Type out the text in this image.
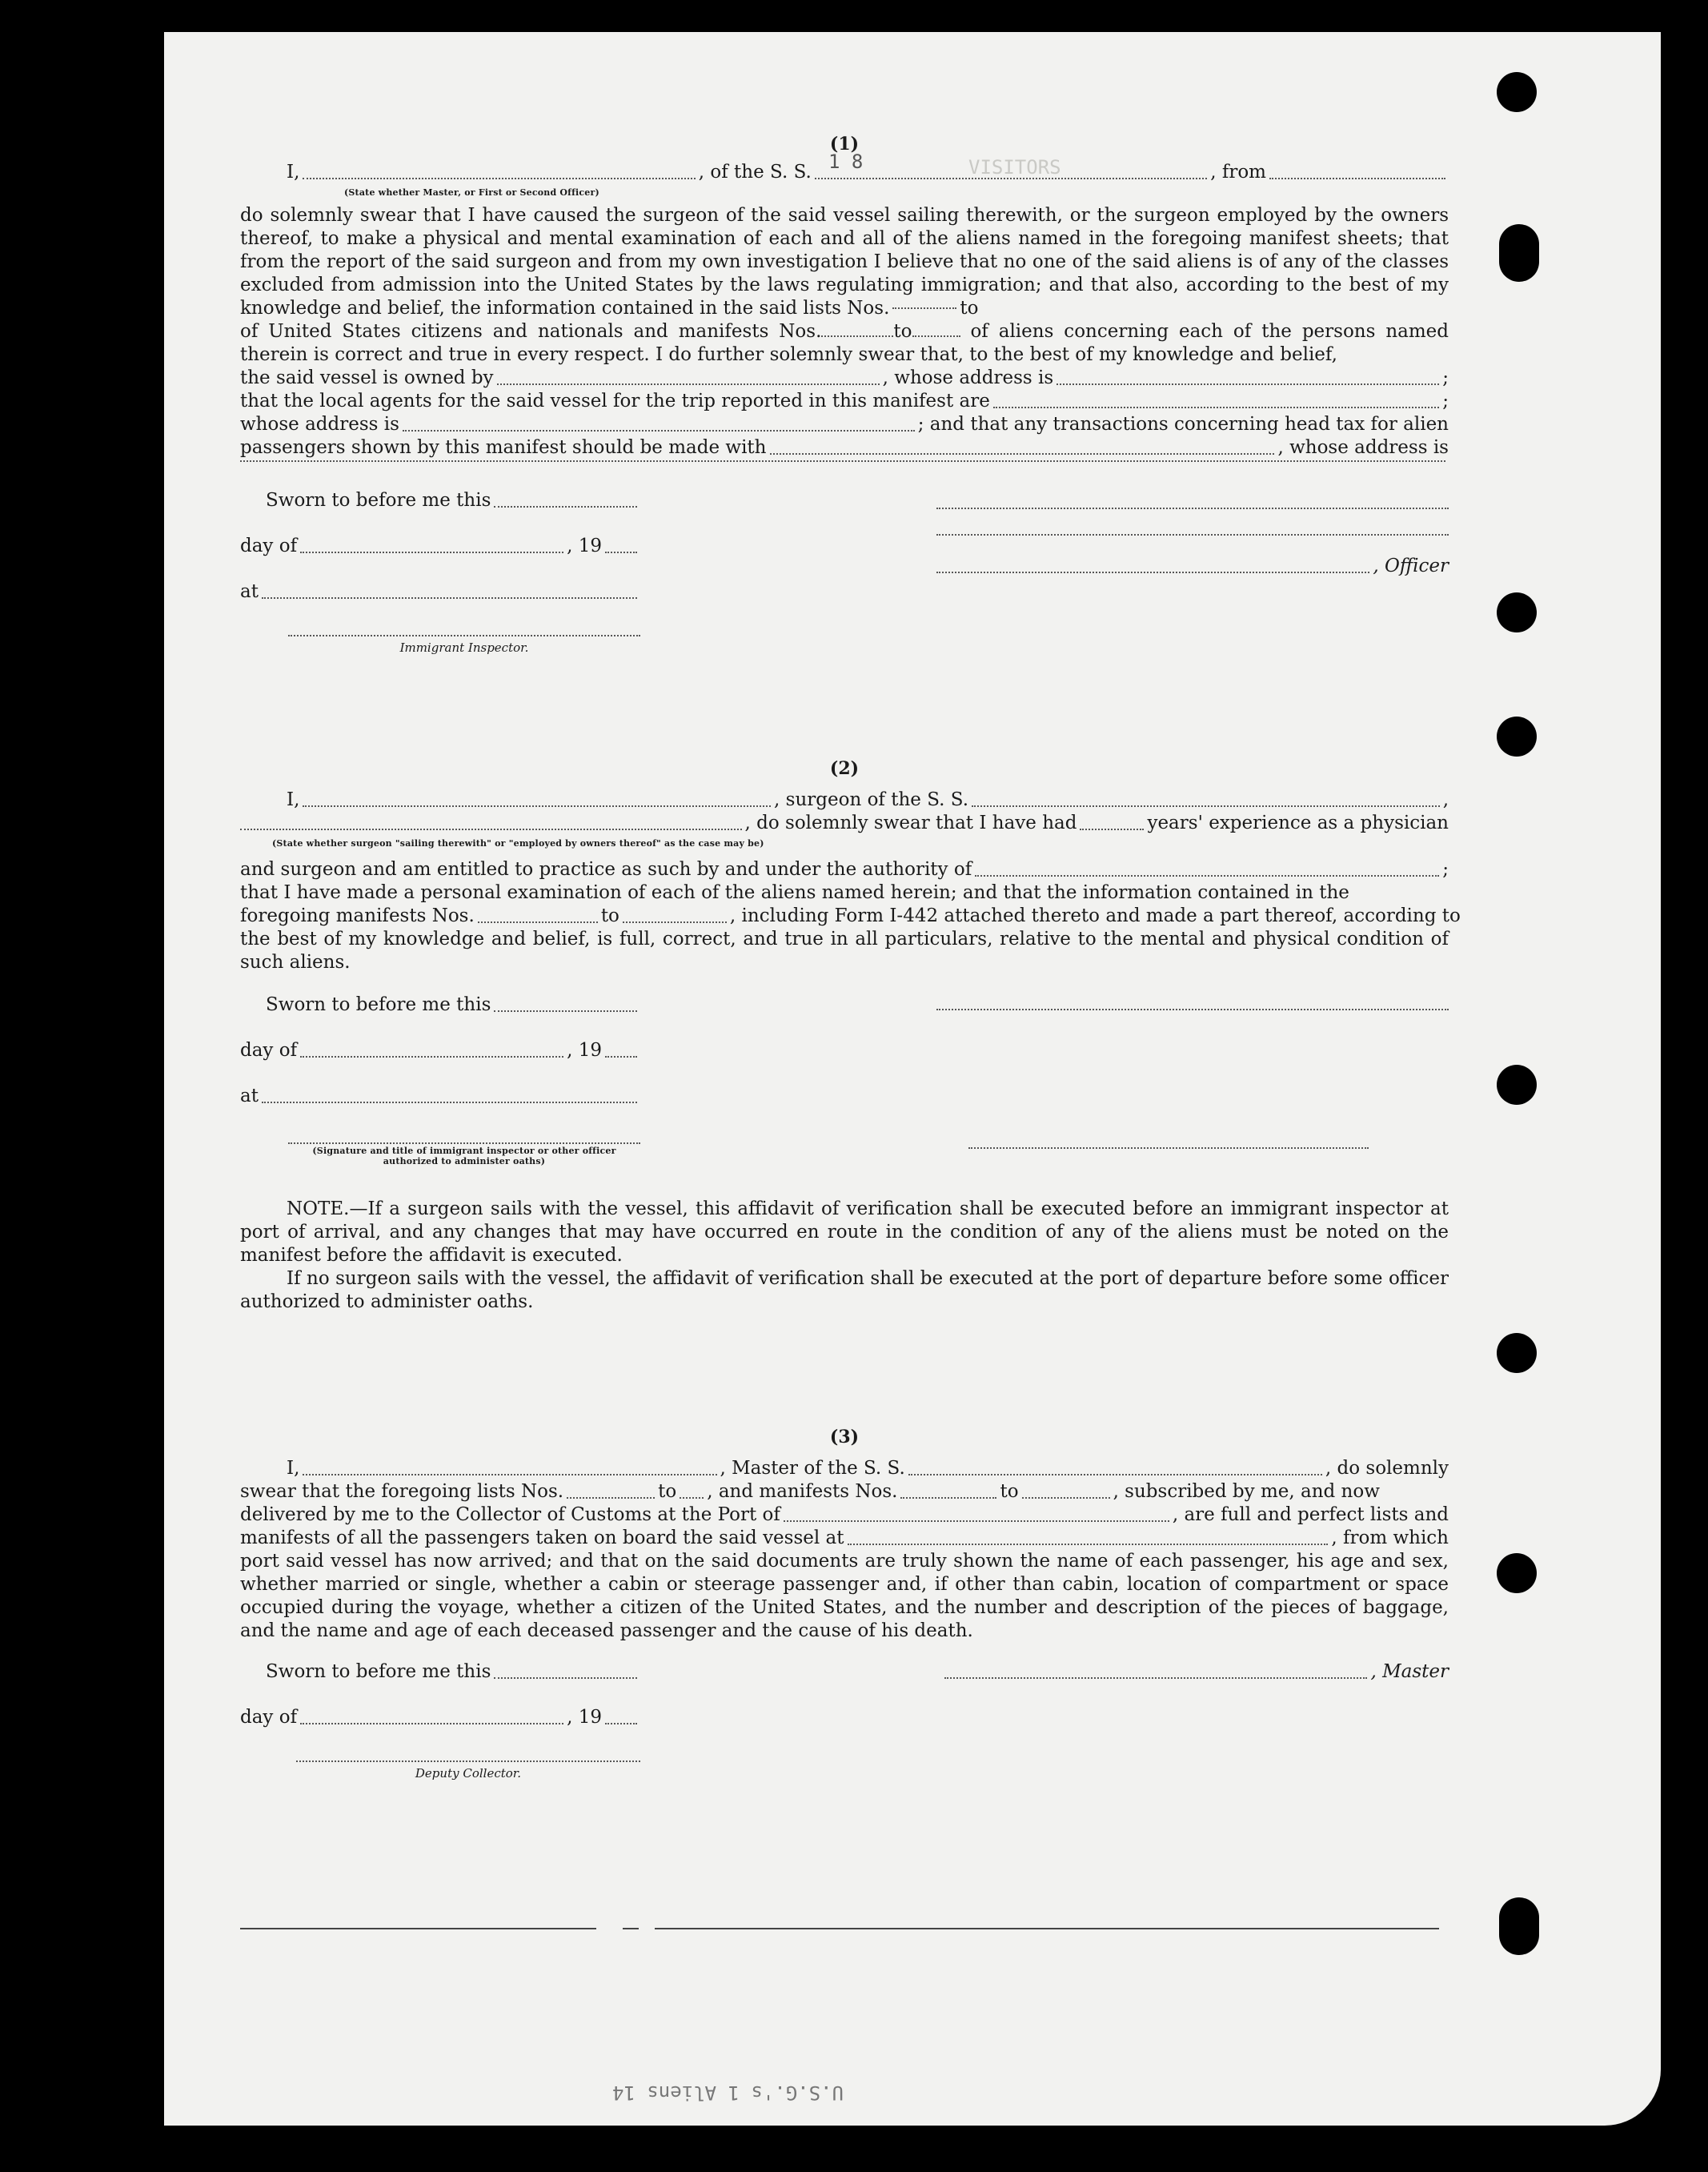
VISITORS
1 8
U.S.G.'s 1 Aliens 14
(1)
I,	, of the S. S.	, from
(State whether Master, or First or Second Officer)

do solemnly swear that I have caused the surgeon of the said vessel sailing therewith, or the surgeon employed by the owners thereof, to make a physical and mental examination of each and all of the aliens named in the foregoing manifest sheets; that from the report of the said surgeon and from my own investigation I believe that no one of the said aliens is of any of the classes excluded from admission into the United States by the laws regulating immigration; and that also, according to the best of my knowledge and belief, the information contained in the said lists Nos.	to

of United States citizens and nationals and manifests Nos.	to	of aliens concerning each of the persons named therein is correct and true in every respect. I do further solemnly swear that, to the best of my knowledge and belief,

the said vessel is owned by	, whose address is	;
that the local agents for the said vessel for the trip reported in this manifest are	;
whose address is	; and that any transactions concerning head tax for alien
passengers shown by this manifest should be made with	, whose address is
Sworn to before me this
day of	, 19
at
Immigrant Inspector.
, Officer
(2)
I,	, surgeon of the S. S.	,
, do solemnly swear that I have had	years' experience as a physician
(State whether surgeon "sailing therewith" or "employed by owners thereof" as the case may be)
and surgeon and am entitled to practice as such by and under the authority of	;

that I have made a personal examination of each of the aliens named herein; and that the information contained in the

foregoing manifests Nos.	to	, including Form I-442 attached thereto and made a part thereof, according to

the best of my knowledge and belief, is full, correct, and true in all particulars, relative to the mental and physical condition of such aliens.

Sworn to before me this
day of	, 19
at
(Signature and title of immigrant inspector or other officer authorized to administer oaths)

NOTE.—If a surgeon sails with the vessel, this affidavit of verification shall be executed before an immigrant inspector at port of arrival, and any changes that may have occurred en route in the condition of any of the aliens must be noted on the manifest before the affidavit is executed.

If no surgeon sails with the vessel, the affidavit of verification shall be executed at the port of departure before some officer authorized to administer oaths.

(3)
I,	, Master of the S. S.	, do solemnly
swear that the foregoing lists Nos.	to , and manifests Nos.	to	, subscribed by me, and now
delivered by me to the Collector of Customs at the Port of	, are full and perfect lists and
manifests of all the passengers taken on board the said vessel at	, from which

port said vessel has now arrived; and that on the said documents are truly shown the name of each passenger, his age and sex, whether married or single, whether a cabin or steerage passenger and, if other than cabin, location of compartment or space occupied during the voyage, whether a citizen of the United States, and the number and description of the pieces of baggage, and the name and age of each deceased passenger and the cause of his death.

Sworn to before me this
day of	, 19
Deputy Collector.
, Master
